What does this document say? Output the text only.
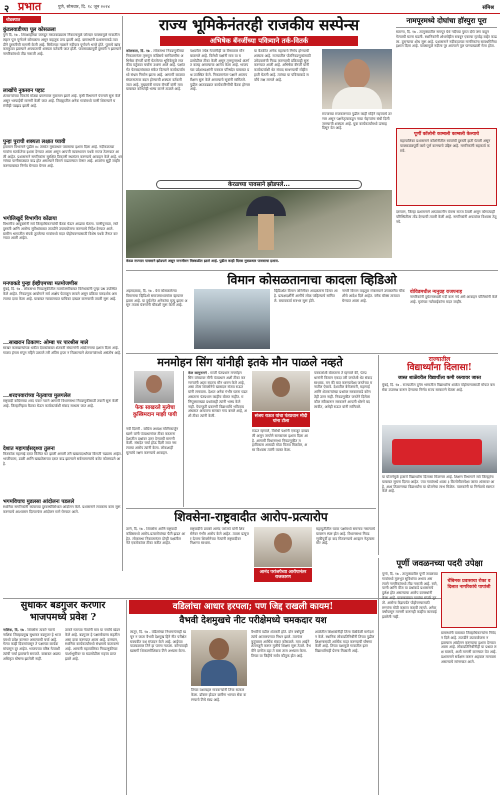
२ प्रभात	पुणे, सोमवार, दि. १८ जून २०२४	संमिश्र
थोडक्यात
कुंडलवाडीच्या पूल कोसळला
पुणे दि. १७ - शिवशाहीच्या जलदूत मराठवाड्याला निकालामुळे जोरदार पावसामुळे गावातील लहान पूल पूर्णपणे कोसळला असून वाहतूक ठप्प झाली आहे. ग्रामस्थांनी प्रशासनाकडे तातडीने दुरुस्तीची मागणी केली आहे. सिमेंटच्या गाळाने नदीपात्र पूर्णपणे भरले होते. पुलाचे खांब कमकुवत झाल्याने अपघाताची शक्यता वर्तवली जात होती. पावसाळ्यापूर्वी दुरुस्ती न झाल्याने नागरिकांमध्ये तीव्र नाराजी आहे.
लाखोंचे नुकसान पहाट
शेतकऱ्यांच्या पिकांचे मोठ्या प्रमाणावर नुकसान झाले आहे. कृषी विभागाने पंचनामे सुरू केले असून भरपाईची मागणी केली जात आहे. जिल्ह्यातील अनेक गावांमध्ये पाणी शिरल्याने घरांचीही पडझड झाली आहे.
पुन्हा पुराची शक्यता लक्षात घ्यावी
हवामान विभागाने पुढील ४८ तासांत मुसळधार पावसाचा इशारा दिला आहे. नदीकाठच्या गावांना सतर्कतेचा इशारा देण्यात आला असून आपत्ती व्यवस्थापन पथके सज्ज ठेवण्यात आली आहेत. प्रशासनाने नागरिकांना सुरक्षित ठिकाणी स्थलांतर करण्याचे आवाहन केले आहे. धरणांच्या पाणीसाठ्यात वाढ होत असल्याने विसर्ग वाढवण्यात येणार आहे. शाळांना सुट्टी जाहीर करण्याबाबत निर्णय घेण्यात येणार आहे.
भगोलिखुर्दे विभागीय कोंढाया
विभागीय आयुक्तांनी सर्व जिल्हाधिकाऱ्यांची बैठक घेऊन आढावा घेतला. पाणीपुरवठा, रस्ते दुरुस्ती आणि आरोग्य सुविधांबाबत तातडीने उपाययोजना करण्याचे निर्देश देण्यात आले. ग्रामीण भागातील संपर्क तुटलेल्या गावांमध्ये मदत पोहोचवण्यासाठी विशेष पथके तैनात करण्यात आली आहेत.
मनपाकडे पुन्हा ईव्हीएमच्या मतमोजणीस
मुंबई, दि. १७ - लोकसभा निवडणुकीतील मतमोजणीबाबत विरोधकांनी पुन्हा प्रश्न उपस्थित केले आहेत. निवडणूक आयोगाने सर्व आक्षेप फेटाळून लावले असून प्रक्रिया पारदर्शक असल्याचा दावा केला आहे. याबाबत न्यायालयात याचिका दाखल करण्याची तयारी सुरू आहे.
...साखरान ठिकाण: ओम्बा पर पारश्रीस माले
साखर कारखान्यांच्या थकीत देयकांबाबत शेतकरी संघटनांनी आंदोलनाचा इशारा दिला आहे. गाळप हंगाम संपून महिने उलटले तरी अंतिम हप्ता न मिळाल्याने शेतकऱ्यांमध्ये असंतोष आहे.
...शरदपवारांच्या नेतृत्वाचा मुलगलेल
राष्ट्रवादी काँग्रेसच्या शरद पवार गटाने आगामी विधानसभा निवडणुकीसाठी तयारी सुरू केली आहे. जिल्हानिहाय बैठका घेऊन कार्यकर्त्यांशी संवाद साधला जात आहे.
देशात महागाईसदृश्या तुलना
किरकोळ महागाई दरात किंचित घट झाली असली तरी खाद्यपदार्थांच्या किमती चढ्याच आहेत. भाजीपाला, डाळी आणि खाद्यतेलाच्या दरात वाढ झाल्याने सर्वसामान्यांचे बजेट कोलमडले आहे.
भगमविचाच मुडलसा आंदोलनः पडलले
स्थानिक नागरिकांनी रस्त्याच्या दुरवस्थेविरोधात आंदोलन केले. प्रशासनाने लवकरच काम सुरू करण्याचे आश्वासन दिल्यानंतर आंदोलन मागे घेण्यात आले.
राज्य भूमिकेनंतरही राजकीय सस्पेन्स
अभिषेक बॅनर्जीच्या पवित्र्याने तर्क-वितर्क
कोलकता, दि. १७ - लोकसभा निवडणुकीच्या निकालानंतर तृणमूल काँग्रेसचे सरचिटणीस अभिषेक बॅनर्जी यांनी घेतलेल्या भूमिकेमुळे राजकीय वर्तुळात चर्चांना उधाण आले आहे. पक्षांतर्गत फेरबदलांबाबत संकेत दिल्याने कार्यकर्त्यांमध्ये संभ्रम निर्माण झाला आहे. आगामी काळात संघटनात्मक बदल होण्याची शक्यता वर्तवली जात आहे. मुख्यमंत्री ममता बॅनर्जी यांनी मात्र याबाबत कोणतेही भाष्य करणे टाळले आहे.
पक्षातील ज्येष्ठ नेत्यांनीही या विषयावर मौन बाळगले आहे. विरोधी पक्षांनी मात्र या घडामोडींवर टीका केली असून तृणमूलमध्ये अंतर्गत कलह असल्याचा आरोप केला आहे. भाजपच्या प्रदेशाध्यक्षांनी पत्रकार परिषदेत याबाबत प्रश्न उपस्थित केले. निकालानंतर पक्षाने आत्मपरीक्षण सुरू केले असल्याचे सूत्रांनी सांगितले. पुढील आठवड्यात कार्यकारिणीची बैठक होणार आहे.
या बैठकीत अनेक महत्त्वाचे निर्णय होण्याची शक्यता आहे. राज्यातील पोटनिवडणुकांसाठी उमेदवारांची निवड करण्याची प्रक्रियाही सुरू करण्यात आली आहे. अभिषेक बॅनर्जी यांनी कार्यकर्त्यांशी थेट संवाद साधण्याची मोहीम हाती घेतली आहे. त्यांच्या या पवित्र्याकडे सर्वांचे लक्ष लागले आहे.
राज्याच्या राजकारणात पुढील काही महिने महत्त्वाचे ठरणार असून पक्षनेतृत्वाकडून नव्या चेहऱ्यांना संधी दिली जाण्याची शक्यता आहे. युवा कार्यकर्त्यांमध्ये उत्साह दिसून येत आहे.
केरळच्या पावसाने झोडपले...
केरळ राज्यात पावसाने झोडपले असून जनजीवन विस्कळीत झाले आहे. पुढील काही दिवस मुसळधार पावसाचा इशारा.
नामपूरमध्ये दोघांचा हॉस्पुरा पूरा
सटाणा, दि. १७ - तालुक्यातील नामपूर येथे नदीच्या पुरात दोघे जण वाहून गेल्याची घटना घडली. स्थानिकांनी शोधमोहीम राबवून एकाचा मृतदेह बाहेर काढला. दुसऱ्याचा शोध सुरू आहे. प्रशासनाने नदीकाठच्या नागरिकांना सावधगिरीचा इशारा दिला आहे. पावसामुळे नदीला पूर आल्याने पूल पाण्याखाली गेला होता.
पूर्णी कॉलोनी काम्बली काम्बली केल्याचे
महापालिका प्रशासनाने कॉलोनीतील रस्त्यांची दुरुस्ती हाती घेतली असून पावसाळ्यापूर्वी कामे पूर्ण करण्याचे उद्दिष्ट आहे. नागरिकांनी सहकार्य करावे.
दरम्यान, जिल्हा प्रशासनाने आपत्कालीन यंत्रणा सज्ज ठेवली असून कोणत्याही परिस्थितीला तोंड देण्याची तयारी केली आहे. नागरिकांनी अफवांवर विश्वास ठेवू नये.
विमान कोसळतानाचा कादला व्हिडिओ
अहमदाबाद, दि. १७ - येथे कोसळलेल्या विमानाचा व्हिडिओ समाजमाध्यमांवर व्हायरल झाला आहे. या दुर्घटनेत अनेकांचा मृत्यू झाला असून तपास यंत्रणांनी चौकशी सुरू केली आहे.
व्हिडिओत विमान जमिनीवर आदळताना दिसत आहे. प्रत्यक्षदर्शींनी आगीचे लोळ पाहिल्याचे सांगितले. बचावकार्य रात्रभर सुरू होते.
नागरी विमान वाहतूक मंत्रालयाने उच्चस्तरीय चौकशीचे आदेश दिले आहेत. ब्लॅक बॉक्स ताब्यात घेण्यात आला आहे.
वोविडमधील न्यनुग्रह राजपनाह
नागरिकांनी दुर्घटनास्थळी गर्दी करू नये असे आवाहन पोलिसांनी केले आहे. मृतांच्या नातेवाईकांना मदत जाहीर.
मनमोहन सिंग यांनीही इतके मौन पाळले नव्हते
फेक साखरले मुत्वेचा कुस्त्रिमदान माझी पायी
नवी दिल्ली - काँग्रेस अध्यक्ष मल्लिकार्जुन खरगे यांनी पंतप्रधानांवर टीका करताना देशातील प्रश्नांवर उत्तर देण्याची मागणी केली. संसदेत चर्चा होऊ दिली जात नसल्याचा आरोप त्यांनी केला. लोकशाही मूल्यांचे रक्षण करण्याचे आवाहन.
केल कामुनलने - माजी पंतप्रधान मनमोहन सिंग यांच्यावर मौनी पंतप्रधान अशी टीका करणाऱ्यांनी आता स्वतःच मौन धारण केले आहे, असा टोला शिवसेनेचे खासदार संजय राऊत यांनी लगावला. देशात अनेक गंभीर घटना घडत असताना पंतप्रधान काहीच बोलत नाहीत. मणिपूरसारख्या प्रश्नांवरही त्यांनी भाष्य केले नाही. पेपरफुटी प्रकरणी विद्यार्थ्यांचे भवितव्य अंधारात असताना सरकार गप्प बसले आहे, अशी टीका त्यांनी केली.	संजय राऊत यांचा पंतप्रधान मोदी यांना टोला
राऊत म्हणाले, विरोधी पक्षांनी एकजूट दाखवली असून जनतेने सरकारला इशारा दिला आहे. आगामी विधानसभा निवडणुकीत महाविकास आघाडी मोठा विजय मिळवेल, असा विश्वास त्यांनी व्यक्त केला.
पत्रकारांशी बोलताना ते म्हणाले की, पंतप्रधानांनी किमान एकदा तरी जनतेशी थेट संवाद साधावा. मन की बात करण्यापेक्षा जनतेच्या मनातील ऐकावे. देशातील बेरोजगारी, महागाई आणि शेतकऱ्यांच्या प्रश्नांवर सरकारकडे कोणतेही उत्तर नाही. निवडणुकीत जनतेने दिलेला कौल स्वीकारून सरकारने आपली धोरणे बदलावीत, असेही राऊत यांनी सांगितले.
राज्यातील
विद्यार्थ्यांना दिलासा!
जास्त शाळेंवरील विद्यार्थीला कमी रस्त्यावर जास्त
मुंबई, दि. १७ - राज्यातील दुर्गम भागातील विद्यार्थ्यांना शाळेत पोहोचण्यासाठी मोफत बससेवा उपलब्ध करून देण्याचा निर्णय राज्य सरकारने घेतला आहे.
या योजनेमुळे हजारो विद्यार्थ्यांना दिलासा मिळणार आहे. शिक्षण विभागाने सर्व जिल्ह्यांना याबाबत सूचना दिल्या आहेत. ज्या गावांमध्ये शाळा ३ किलोमीटरपेक्षा जास्त अंतरावर आहे, अशा ठिकाणच्या विद्यार्थ्यांना या योजनेचा लाभ मिळेल. पालकांनी या निर्णयाचे स्वागत केले आहे.
शिवसेना-राष्ट्रवादीत आरोप-प्रत्यारोप
ठाणे, दि. १७ - शिवसेना आणि राष्ट्रवादी काँग्रेसमध्ये आरोप-प्रत्यारोपांच्या फैरी झडत आहेत. लोकसभा निकालानंतर दोन्ही पक्षांतील नेते एकमेकांवर टीका करीत आहेत.
राष्ट्रवादीचे प्रवक्ते आनंद परांजपे यांनी शिवसेनेवर गंभीर आरोप केले आहेत. त्याला प्रत्युत्तर देताना शिवसेनेच्या नेत्यांनी राष्ट्रवादीवर निशाणा साधला.
आनंद परांजपेच्या आरोपानंतर राजकारण
महायुतीतील घटक पक्षांमध्ये समन्वय नसल्याचे यावरून स्पष्ट होत आहे. विधानसभा निवडणुकीपूर्वी हा वाद मिटवण्याचे आव्हान नेतृत्वासमोर आहे.
सुधाकर बडगुजर करणार भाजपमध्ये प्रवेश ?
नाशिक, दि. १७ - शिवसेना ठाकरे गटाचे नाशिक जिल्हाप्रमुख सुधाकर बडगुजर हे भाजपमध्ये प्रवेश करणार असल्याची चर्चा आहे. गेल्या काही दिवसांपासून ते पक्षाच्या कार्यक्रमांपासून दूर आहेत. भाजपच्या वरिष्ठ नेत्यांशी त्यांची चर्चा झाल्याचे समजते. याबाबत अद्याप अधिकृत घोषणा झालेली नाही.
ठाकरे गटाच्या नेत्यांनी मात्र या चर्चांचे खंडन केले आहे. बडगुजर हे पक्षासोबतच राहतील असा दावा करण्यात आला आहे. दरम्यान, स्थानिक कार्यकर्त्यांमध्ये संभ्रमाचे वातावरण आहे. आगामी महापालिका निवडणुकीच्या पार्श्वभूमीवर या घडामोडीला महत्त्व प्राप्त झाले आहे.
वडिलांचा आधार हरपला; पण जिद्द राखली कायम!
वैभवी देशमुखचे नीट परीक्षेमध्ये चमकदार यश
लातूर, दि. १७ - वडिलांच्या निधनानंतरही खचून न जाता वैभवी देशमुख हिने नीट परीक्षेत घवघवीत यश संपादन केले आहे. आईच्या पाठबळावर तिने हा पल्ला गाठला. कोणत्याही खासगी शिकवणीशिवाय तिने अभ्यास केला.
तिच्या यशाबद्दल गावकऱ्यांनी तिचा सत्कार केला. डॉक्टर होऊन ग्रामीण भागात सेवा करण्याचे तिचे स्वप्न आहे.
वैभवीचे वडील शेतकरी होते. दोन वर्षांपूर्वी त्यांचे आजारपणात निधन झाले. त्यानंतर कुटुंबावर आर्थिक संकट कोसळले. मात्र आईने शेतमजुरी करून मुलीचे शिक्षण सुरू ठेवले. वैभवीने दररोज दहा ते बारा तास अभ्यास केला. तिच्या या जिद्दीचे सर्वत्र कौतुक होत आहे.
शाळेतील शिक्षकांनीही तिला वेळोवेळी मार्गदर्शन केले. स्थानिक लोकप्रतिनिधींनी तिच्या पुढील शिक्षणासाठी आर्थिक मदत करण्याची घोषणा केली आहे. तिच्या यशामुळे गावातील इतर विद्यार्थ्यांनाही प्रेरणा मिळाली आहे.
पूर्णी जवळनच्या पदरी उपेक्षा
पूर्णा, दि. १७ - तालुक्यातील पूर्णी जवळच्या गावांमध्ये मूलभूत सुविधांचा अभाव असल्याने नागरिकांमध्ये तीव्र नाराजी आहे. रस्ते, पाणी आणि वीज या प्रश्नांकडे प्रशासनाचे दुर्लक्ष होत असल्याचा आरोप ग्रामस्थांनी केला आहे. पावसाळ्यात गावांचा संपर्क तुटतो. आरोग्य केंद्रापर्यंत पोहोचण्यासाठी रुग्णांना मोठी कसरत करावी लागते. अनेक वर्षांपासून मागणी करूनही काहीच कारवाई झालेली नाही.
चेंबिमक प्रवासाचा रोका व दिलात नागरिकांचे पापांजी
ग्रामस्थांनी याबाबत जिल्हाधिकाऱ्यांना निवेदन दिले आहे. तातडीने उपाययोजना न झाल्यास आंदोलन करण्याचा इशारा देण्यात आला आहे. लोकप्रतिनिधींनीही या प्रश्नात लक्ष घालावे, अशी मागणी करण्यात येत आहे. प्रशासनाने सर्वेक्षण करून अहवाल मागवला असल्याचे सांगण्यात आले.
